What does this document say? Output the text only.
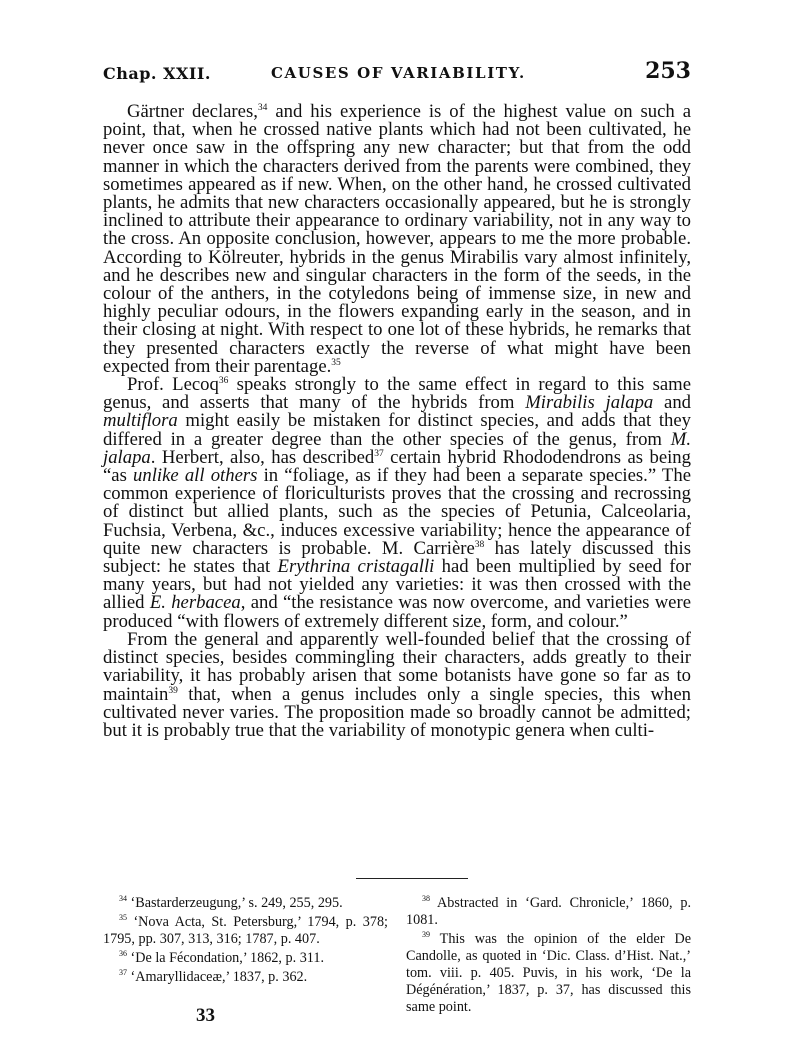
Chap. XXII.	CAUSES OF VARIABILITY.	253

Gärtner declares,$^{34}$ and his experience is of the highest value on such a point, that, when he crossed native plants which had not been cultivated, he never once saw in the offspring any new character; but that from the odd manner in which the characters derived from the parents were combined, they sometimes appeared as if new. When, on the other hand, he crossed cultivated plants, he admits that new characters occasionally appeared, but he is strongly inclined to attribute their appearance to ordinary variability, not in any way to the cross. An opposite conclusion, however, appears to me the more probable. According to Kölreuter, hybrids in the genus Mirabilis vary almost infinitely, and he describes new and singular characters in the form of the seeds, in the colour of the anthers, in the cotyledons being of immense size, in new and highly peculiar odours, in the flowers expanding early in the season, and in their closing at night. With respect to one lot of these hybrids, he remarks that they presented characters exactly the reverse of what might have been expected from their parentage.$^{35}$

Prof. Lecoq$^{36}$ speaks strongly to the same effect in regard to this same genus, and asserts that many of the hybrids from Mirabilis jalapa and multiflora might easily be mistaken for distinct species, and adds that they differed in a greater degree than the other species of the genus, from M. jalapa. Herbert, also, has described$^{37}$ certain hybrid Rhododendrons as being “as unlike all others in “foliage, as if they had been a separate species.” The common experience of floriculturists proves that the crossing and recrossing of distinct but allied plants, such as the species of Petunia, Calceolaria, Fuchsia, Verbena, &c., induces excessive variability; hence the appearance of quite new characters is probable. M. Carrière$^{38}$ has lately discussed this subject: he states that Erythrina cristagalli had been multiplied by seed for many years, but had not yielded any varieties: it was then crossed with the allied E. herbacea, and “the resistance was now overcome, and varieties were produced “with flowers of extremely different size, form, and colour.”

From the general and apparently well-founded belief that the crossing of distinct species, besides commingling their characters, adds greatly to their variability, it has probably arisen that some botanists have gone so far as to maintain$^{39}$ that, when a genus includes only a single species, this when cultivated never varies. The proposition made so broadly cannot be admitted; but it is probably true that the variability of monotypic genera when culti-

$^{34}$ ‘Bastarderzeugung,’ s. 249, 255, 295.

$^{35}$ ‘Nova Acta, St. Petersburg,’ 1794, p. 378; 1795, pp. 307, 313, 316; 1787, p. 407.

$^{36}$ ‘De la Fécondation,’ 1862, p. 311.

$^{37}$ ‘Amaryllidaceæ,’ 1837, p. 362.

$^{38}$ Abstracted in ‘Gard. Chronicle,’ 1860, p. 1081.

$^{39}$ This was the opinion of the elder De Candolle, as quoted in ‘Dic. Class. d’Hist. Nat.,’ tom. viii. p. 405. Puvis, in his work, ‘De la Dégénération,’ 1837, p. 37, has discussed this same point.

33
